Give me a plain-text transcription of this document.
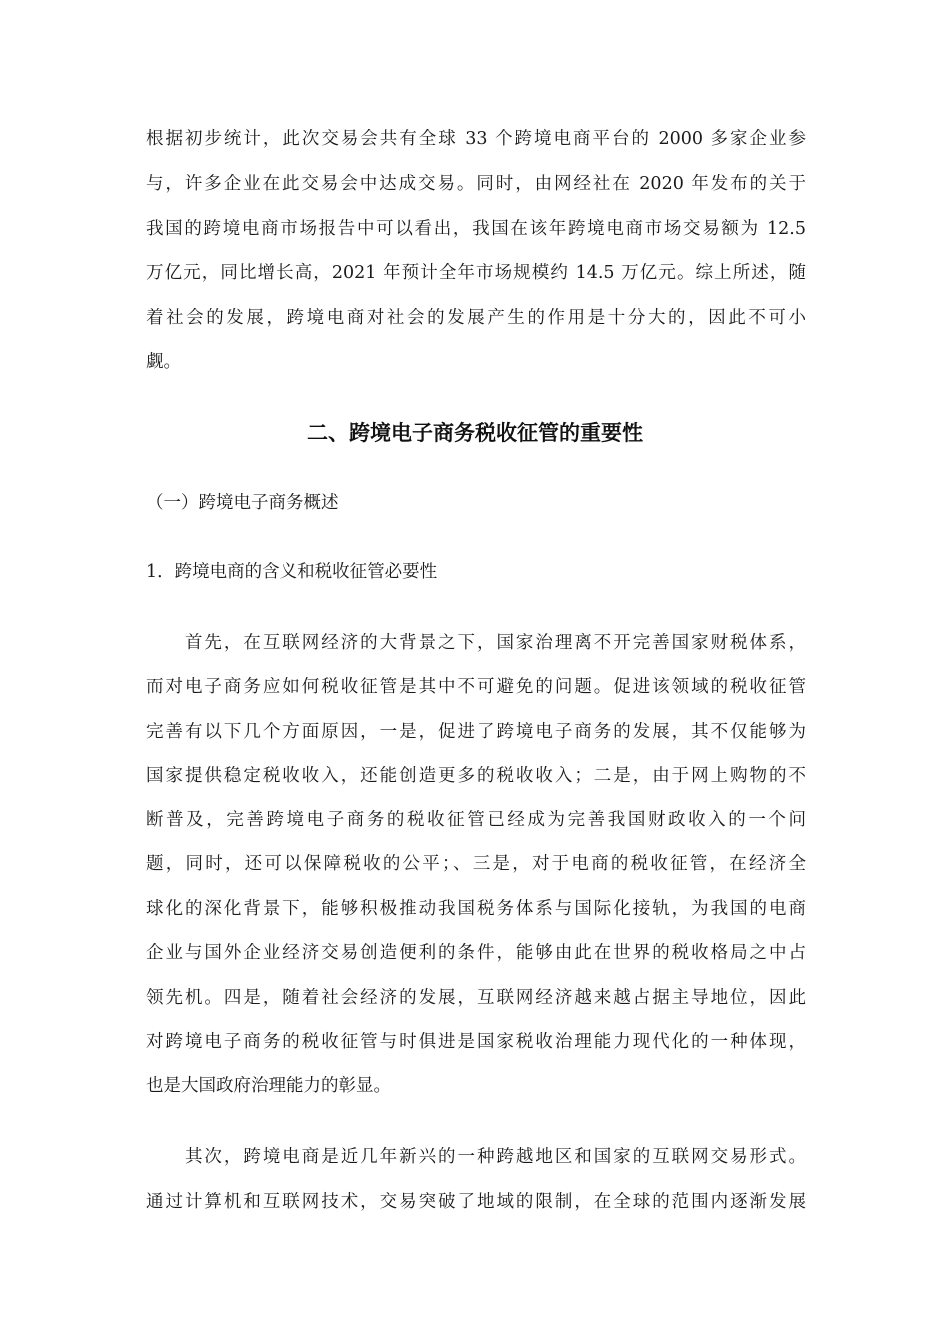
根据初步统计，此次交易会共有全球 33 个跨境电商平台的 2000 多家企业参
与，许多企业在此交易会中达成交易。同时，由网经社在 2020 年发布的关于
我国的跨境电商市场报告中可以看出，我国在该年跨境电商市场交易额为 12.5
万亿元，同比增长高，2021 年预计全年市场规模约 14.5 万亿元。综上所述，随
着社会的发展，跨境电商对社会的发展产生的作用是十分大的，因此不可小
觑。
二、跨境电子商务税收征管的重要性
（一）跨境电子商务概述
1．跨境电商的含义和税收征管必要性
　　首先，在互联网经济的大背景之下，国家治理离不开完善国家财税体系，
而对电子商务应如何税收征管是其中不可避免的问题。促进该领域的税收征管
完善有以下几个方面原因，一是，促进了跨境电子商务的发展，其不仅能够为
国家提供稳定税收收入，还能创造更多的税收收入；二是，由于网上购物的不
断普及，完善跨境电子商务的税收征管已经成为完善我国财政收入的一个问
题，同时，还可以保障税收的公平；、三是，对于电商的税收征管，在经济全
球化的深化背景下，能够积极推动我国税务体系与国际化接轨，为我国的电商
企业与国外企业经济交易创造便利的条件，能够由此在世界的税收格局之中占
领先机。四是，随着社会经济的发展，互联网经济越来越占据主导地位，因此
对跨境电子商务的税收征管与时俱进是国家税收治理能力现代化的一种体现，
也是大国政府治理能力的彰显。
　　其次，跨境电商是近几年新兴的一种跨越地区和国家的互联网交易形式。
通过计算机和互联网技术，交易突破了地域的限制，在全球的范围内逐渐发展
